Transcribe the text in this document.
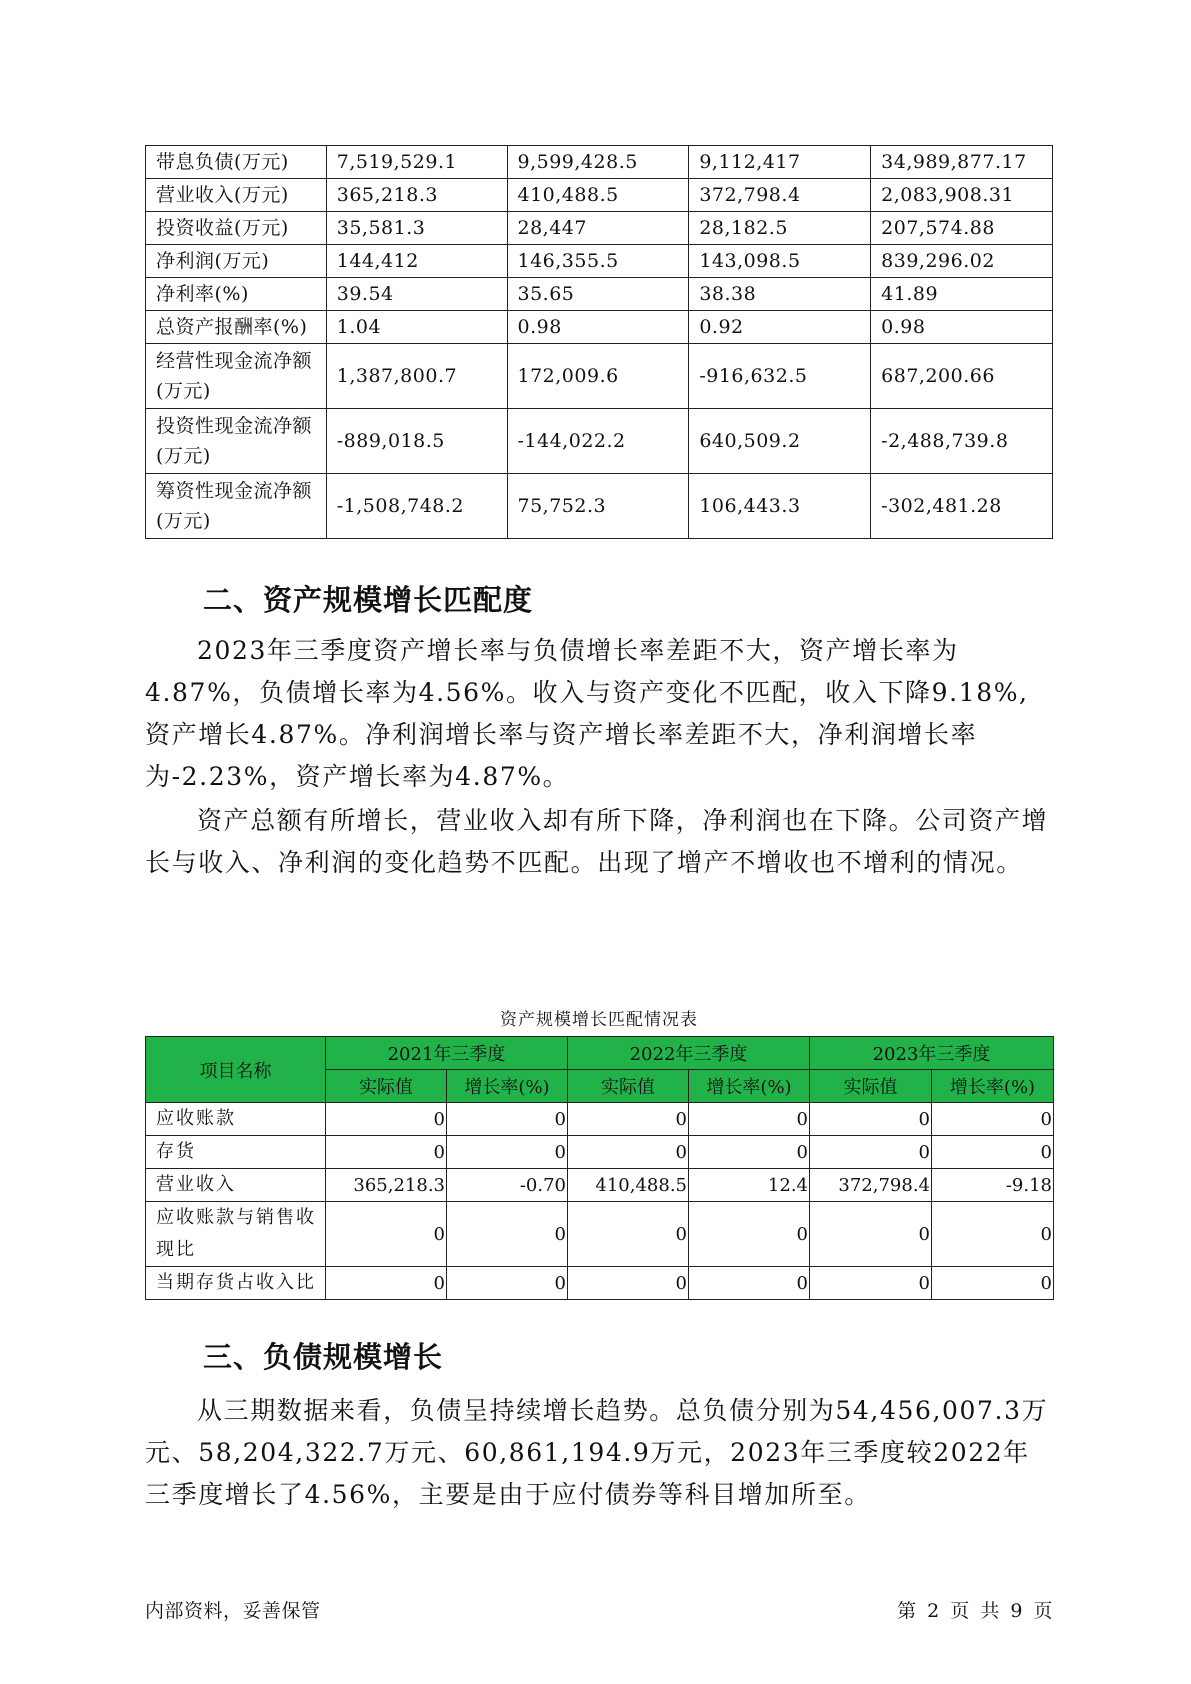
带息负债(万元)	7,519,529.1	9,599,428.5	9,112,417	34,989,877.17
营业收入(万元)	365,218.3	410,488.5	372,798.4	2,083,908.31
投资收益(万元)	35,581.3	28,447	28,182.5	207,574.88
净利润(万元)	144,412	146,355.5	143,098.5	839,296.02
净利率(%)	39.54	35.65	38.38	41.89
总资产报酬率(%)	1.04	0.98	0.92	0.98
经营性现金流净额(万元)	1,387,800.7	172,009.6	-916,632.5	687,200.66
投资性现金流净额(万元)	-889,018.5	-144,022.2	640,509.2	-2,488,739.8
筹资性现金流净额(万元)	-1,508,748.2	75,752.3	106,443.3	-302,481.28
二、资产规模增长匹配度

2023年三季度资产增长率与负债增长率差距不大，资产增长率为4.87%，负债增长率为4.56%。收入与资产变化不匹配，收入下降9.18%,资产增长4.87%。净利润增长率与资产增长率差距不大，净利润增长率为-2.23%，资产增长率为4.87%。

资产总额有所增长，营业收入却有所下降，净利润也在下降。公司资产增长与收入、净利润的变化趋势不匹配。出现了增产不增收也不增利的情况。

资产规模增长匹配情况表
项目名称	2021年三季度		2022年三季度		2023年三季度	
	实际值	增长率(%)	实际值	增长率(%)	实际值	增长率(%)
应收账款	0	0	0	0	0	0
存货	0	0	0	0	0	0
营业收入	365,218.3	-0.70	410,488.5	12.4	372,798.4	-9.18
应收账款与销售收现比	0	0	0	0	0	0
当期存货占收入比	0	0	0	0	0	0
三、负债规模增长

从三期数据来看，负债呈持续增长趋势。总负债分别为54,456,007.3万元、58,204,322.7万元、60,861,194.9万元，2023年三季度较2022年三季度增长了4.56%，主要是由于应付债券等科目增加所至。

内部资料，妥善保管	第 2 页 共 9 页
